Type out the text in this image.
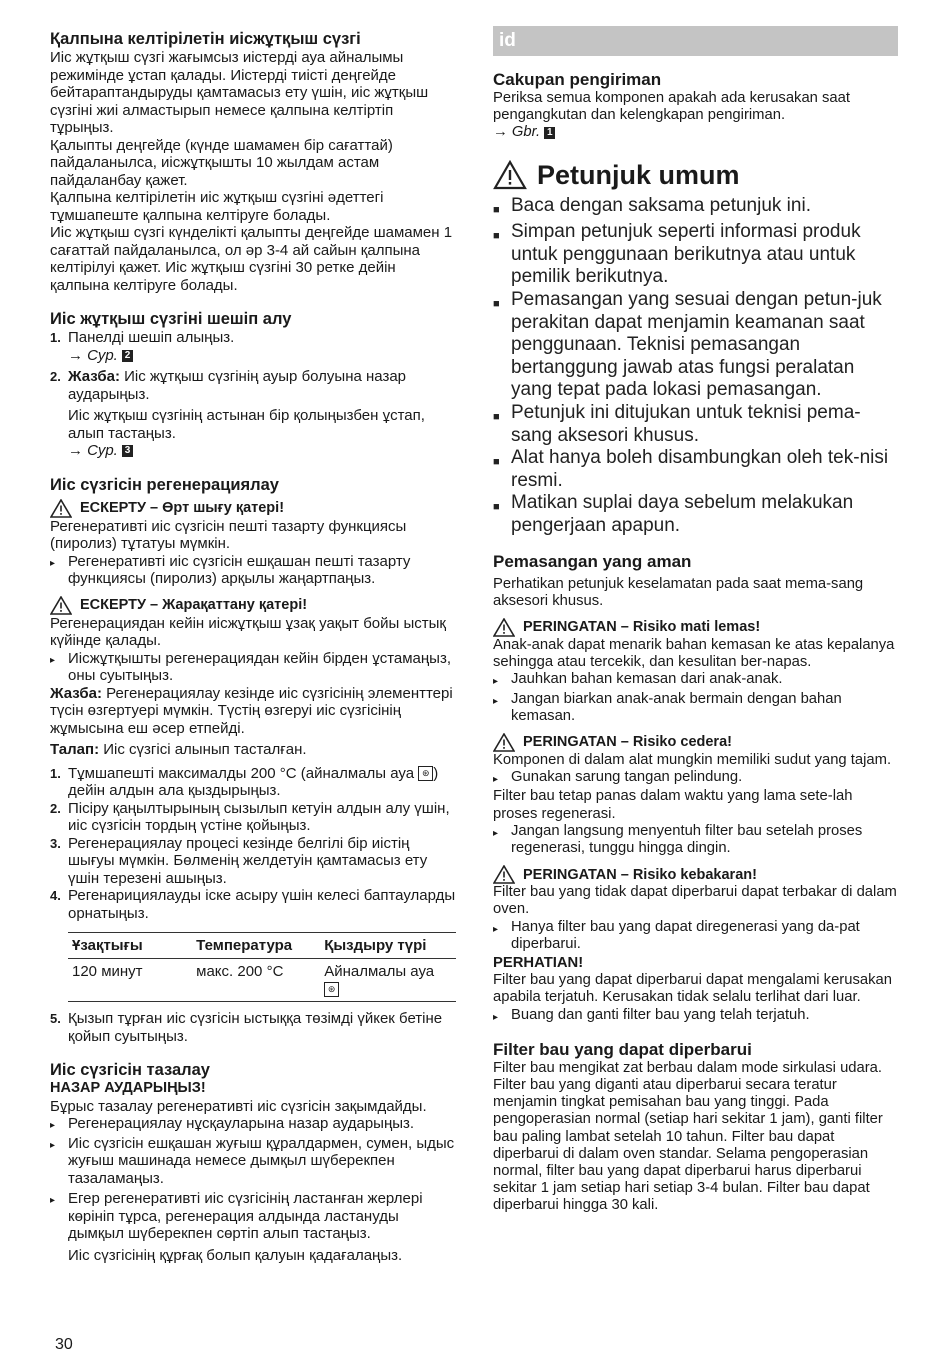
Қалпына келтірілетін иісжұтқыш сүзгі

Иіс жұтқыш сүзгі жағымсыз иістерді ауа айналымы режимінде ұстап қалады. Иістерді тиісті деңгейде бейтараптандыруды қамтамасыз ету үшін, иіс жұтқыш сүзгіні жиі алмастырып немесе қалпына келтіртіп тұрыңыз.

Қалыпты деңгейде (күнде шамамен бір сағаттай) пайдаланылса, иісжұтқышты 10 жылдам астам пайдаланбау қажет.

Қалпына келтірілетін иіс жұтқыш сүзгіні әдеттегі тұмшапеште қалпына келтіруге болады.

Иіс жұтқыш сүзгі күнделікті қалыпты деңгейде шамамен 1 сағаттай пайдаланылса, ол әр 3-4 ай сайын қалпына келтірілуі қажет. Иіс жұтқыш сүзгіні 30 ретке дейін қалпына келтіруге болады.

Иіс жұтқыш сүзгіні шешіп алу

1. Панелді шешіп алыңыз.
→ Сур. 2
2. Жазба: Иіс жұтқыш сүзгінің ауыр болуына назар аударыңыз.
Иіс жұтқыш сүзгінің астынан бір қолыңызбен ұстап, алып тастаңыз.
→ Сур. 3

Иіс сүзгісін регенерациялау

ЕСКЕРТУ – Өрт шығу қатері!

Регенеративті иіс сүзгісін пешті тазарту функциясы (пиролиз) тұтатуы мүмкін.

▸ Регенеративті иіс сүзгісін ешқашан пешті тазарту функциясы (пиролиз) арқылы жаңартпаңыз.
ЕСКЕРТУ – Жарақаттану қатері!

Регенерациядан кейін иісжұтқыш ұзақ уақыт бойы ыстық күйінде қалады.

▸ Иісжұтқышты регенерациядан кейін бірден ұстамаңыз, оны суытыңыз.

Жазба: Регенерациялау кезінде иіс сүзгісінің элементтері түсін өзгертуері мүмкін. Түстің өзгеруі иіс сүзгісінің жұмысына еш әсер етпейді.

Талап: Иіс сүзгісі алынып тасталған.

1. Тұмшапешті максималды 200 °C (айналмалы ауа ⊛ ) дейін алдын ала қыздырыңыз.
2. Пісіру қаңылтырының сызылып кетуін алдын алу үшін, иіс сүзгісін тордың үстіне қойыңыз.
3. Регенерациялау процесі кезінде белгілі бір иістің шығуы мүмкін. Бөлменің желдетуін қамтамасыз ету үшін терезені ашыңыз.
4. Регенарициялауды іске асыру үшін келесі баптауларды орнатыңыз.
Ұзақтығы	Температура	Қыздыру түрі
120 минут	макс. 200 °C	Айналмалы ауа ⊛
5. Қызып тұрған иіс сүзгісін ыстыққа төзімді үйкек бетіне қойып суытыңыз.

Иіс сүзгісін тазалау

НАЗАР АУДАРЫҢЫЗ!

Бұрыс тазалау регенеративті иіс сүзгісін зақымдайды.

▸ Регенерациялау нұсқауларына назар аударыңыз.
▸ Иіс сүзгісін ешқашан жуғыш құралдармен, сумен, ыдыс жуғыш машинада немесе дымқыл шүберекпен тазаламаңыз.
▸ Егер регенеративті иіс сүзгісінің ластанған жерлері көрініп тұрса, регенерация алдында ластануды дымқыл шүберекпен сөртіп алып тастаңыз.
Иіс сүзгісінің құрғақ болып қалуын қадағалаңыз.
id

Cakupan pengiriman

Periksa semua komponen apakah ada kerusakan saat pengangkutan dan kelengkapan pengiriman.

→ Gbr. 1
Petunjuk umum
■ Baca dengan saksama petunjuk ini.
■ Simpan petunjuk seperti informasi produk untuk penggunaan berikutnya atau untuk pemilik berikutnya.
■ Pemasangan yang sesuai dengan petun-juk perakitan dapat menjamin keamanan saat penggunaan. Teknisi pemasangan bertanggung jawab atas fungsi peralatan yang tepat pada lokasi pemasangan.
■ Petunjuk ini ditujukan untuk teknisi pema-sang aksesori khusus.
■ Alat hanya boleh disambungkan oleh tek-nisi resmi.
■ Matikan suplai daya sebelum melakukan pengerjaan apapun.

Pemasangan yang aman

Perhatikan petunjuk keselamatan pada saat mema-sang aksesori khusus.

PERINGATAN – Risiko mati lemas!

Anak-anak dapat menarik bahan kemasan ke atas kepalanya sehingga atau tercekik, dan kesulitan ber-napas.

▸ Jauhkan bahan kemasan dari anak-anak.
▸ Jangan biarkan anak-anak bermain dengan bahan kemasan.
PERINGATAN – Risiko cedera!

Komponen di dalam alat mungkin memiliki sudut yang tajam.

▸ Gunakan sarung tangan pelindung.

Filter bau tetap panas dalam waktu yang lama sete-lah proses regenerasi.

▸ Jangan langsung menyentuh filter bau setelah proses regenerasi, tunggu hingga dingin.
PERINGATAN – Risiko kebakaran!

Filter bau yang tidak dapat diperbarui dapat terbakar di dalam oven.

▸ Hanya filter bau yang dapat diregenerasi yang da-pat diperbarui.

PERHATIAN!

Filter bau yang dapat diperbarui dapat mengalami kerusakan apabila terjatuh. Kerusakan tidak selalu terlihat dari luar.

▸ Buang dan ganti filter bau yang telah terjatuh.

Filter bau yang dapat diperbarui

Filter bau mengikat zat berbau dalam mode sirkulasi udara. Filter bau yang diganti atau diperbarui secara teratur menjamin tingkat pemisahan bau yang tinggi. Pada pengoperasian normal (setiap hari sekitar 1 jam), ganti filter bau paling lambat setelah 10 tahun. Filter bau dapat diperbarui di dalam oven standar. Selama pengoperasian normal, filter bau yang dapat diperbarui harus diperbarui sekitar 1 jam setiap hari setiap 3-4 bulan. Filter bau dapat diperbarui hingga 30 kali.

30
